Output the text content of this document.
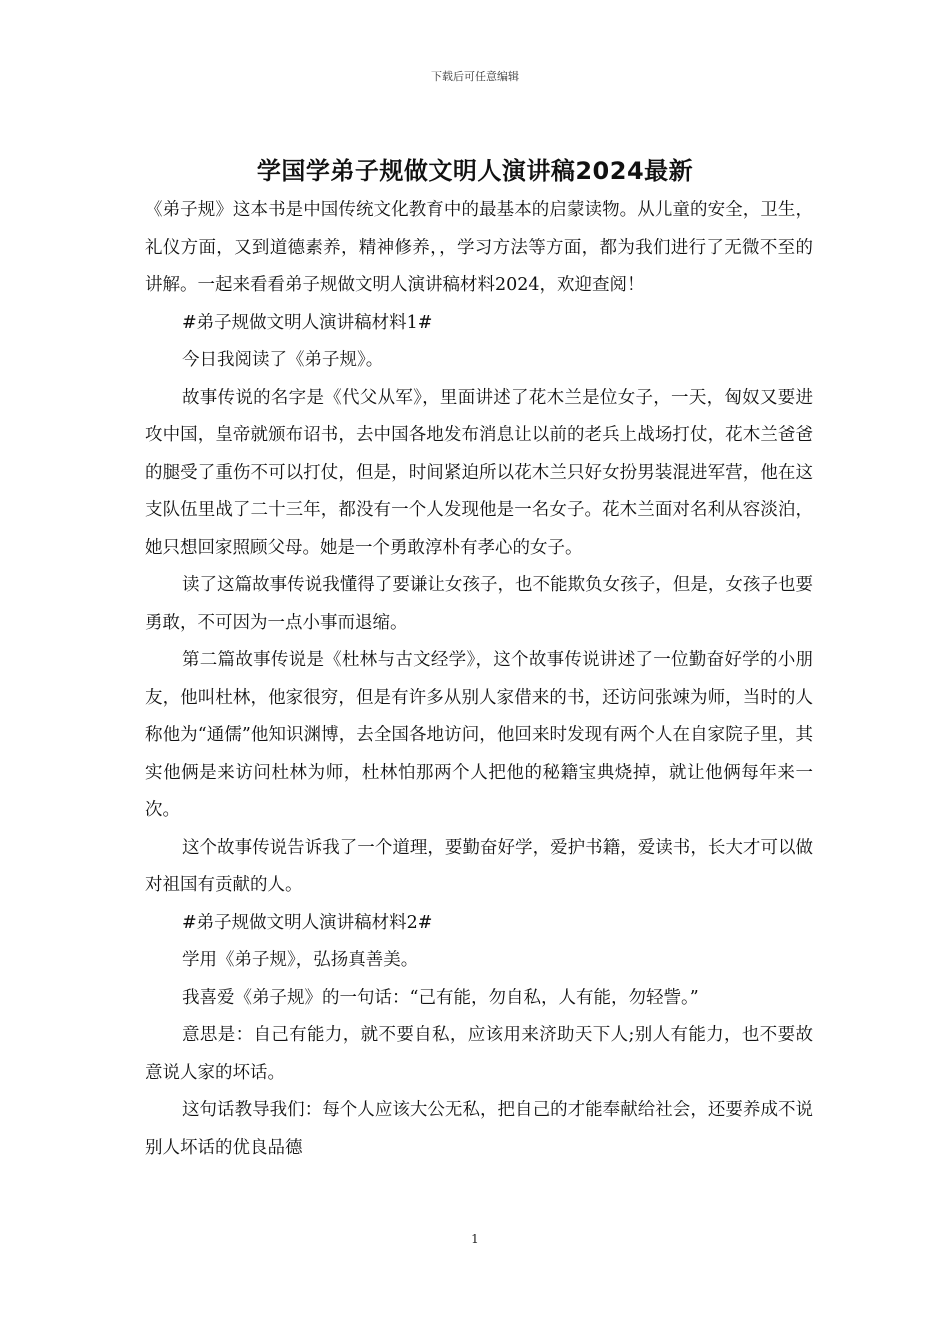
下载后可任意编辑
学国学弟子规做文明人演讲稿2024最新

《弟子规》这本书是中国传统文化教育中的最基本的启蒙读物。从儿童的安全，卫生，礼仪方面，又到道德素养，精神修养，，学习方法等方面，都为我们进行了无微不至的讲解。一起来看看弟子规做文明人演讲稿材料2024，欢迎查阅！

#弟子规做文明人演讲稿材料1#

今日我阅读了《弟子规》。

故事传说的名字是《代父从军》，里面讲述了花木兰是位女子，一天，匈奴又要进攻中国，皇帝就颁布诏书，去中国各地发布消息让以前的老兵上战场打仗，花木兰爸爸的腿受了重伤不可以打仗，但是，时间紧迫所以花木兰只好女扮男装混进军营，他在这支队伍里战了二十三年，都没有一个人发现他是一名女子。花木兰面对名利从容淡泊，她只想回家照顾父母。她是一个勇敢淳朴有孝心的女子。

读了这篇故事传说我懂得了要谦让女孩子，也不能欺负女孩子，但是，女孩子也要勇敢，不可因为一点小事而退缩。

第二篇故事传说是《杜林与古文经学》，这个故事传说讲述了一位勤奋好学的小朋友，他叫杜林，他家很穷，但是有许多从别人家借来的书，还访问张竦为师，当时的人称他为“通儒”他知识渊博，去全国各地访问，他回来时发现有两个人在自家院子里，其实他俩是来访问杜林为师，杜林怕那两个人把他的秘籍宝典烧掉，就让他俩每年来一次。

这个故事传说告诉我了一个道理，要勤奋好学，爱护书籍，爱读书，长大才可以做对祖国有贡献的人。

#弟子规做文明人演讲稿材料2#

学用《弟子规》，弘扬真善美。

我喜爱《弟子规》的一句话：“己有能，勿自私，人有能，勿轻訾。”

意思是：自己有能力，就不要自私，应该用来济助天下人;别人有能力，也不要故意说人家的坏话。

这句话教导我们：每个人应该大公无私，把自己的才能奉献给社会，还要养成不说别人坏话的优良品德

1
